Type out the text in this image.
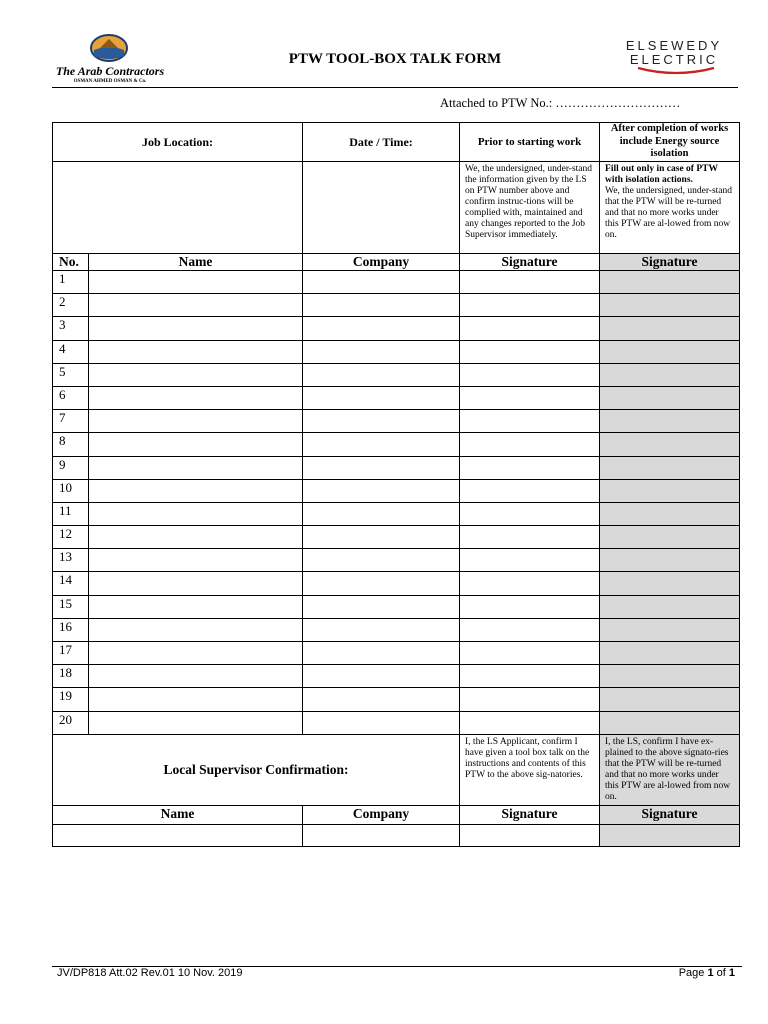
The Arab Contractors
OSMAN AHMED OSMAN & Co.
PTW TOOL-BOX TALK FORM
ELSEWEDY
ELECTRIC
Attached to PTW No.: …………………………
Job Location:		Date / Time:	Prior to starting work	After completion of works include Energy source isolation
			We, the undersigned, under-stand the information given by the LS on PTW number above and confirm instruc-tions will be complied with, maintained and any changes reported to the Job Supervisor immediately.	Fill out only in case of PTW with isolation actions.
We, the undersigned, under-stand that the PTW will be re-turned and that no more works under this PTW are al-lowed from now on.
No.	Name	Company	Signature	Signature
1				
2				
3				
4				
5				
6				
7				
8				
9				
10				
11				
12				
13				
14				
15				
16				
17				
18				
19				
20				
Local Supervisor Confirmation:			I, the LS Applicant, confirm I have given a tool box talk on the instructions and contents of this PTW to the above sig-natories.	I, the LS, confirm I have ex-plained to the above signato-ries that the PTW will be re-turned and that no more works under this PTW are al-lowed from now on.
Name		Company	Signature	Signature

JV/DP818 Att.02 Rev.01 10 Nov. 2019	Page 1 of 1
